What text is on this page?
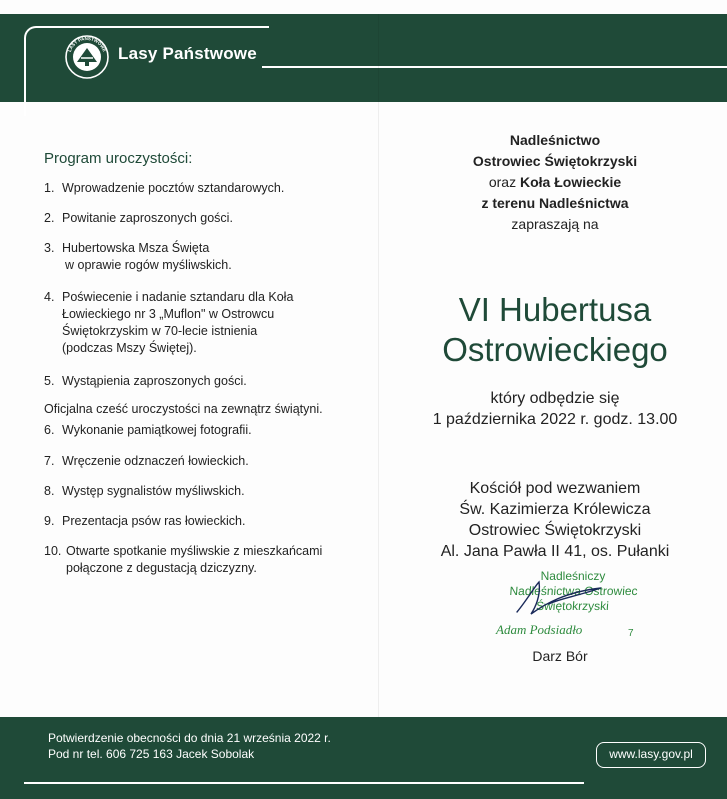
LASY PAŃSTWOWE Lasy Państwowe
Program uroczystości:
1. Wprowadzenie pocztów sztandarowych.
2. Powitanie zaproszonych gości.
3. Hubertowska Msza Święta
w oprawie rogów myśliwskich.
4. Poświecenie i nadanie sztandaru dla Koła
Łowieckiego nr 3 „Muflon" w Ostrowcu
Świętokrzyskim w 70-lecie istnienia
(podczas Mszy Świętej).
5. Wystąpienia zaproszonych gości.
Oficjalna cześć uroczystości na zewnątrz świątyni.
6. Wykonanie pamiątkowej fotografii.
7. Wręczenie odznaczeń łowieckich.
8. Występ sygnalistów myśliwskich.
9. Prezentacja psów ras łowieckich.
10. Otwarte spotkanie myśliwskie z mieszkańcami
połączone z degustacją dziczyzny.
Nadleśnictwo
Ostrowiec Świętokrzyski
oraz Koła Łowieckie
z terenu Nadleśnictwa
zapraszają na
VI Hubertusa
Ostrowieckiego
który odbędzie się
1 października 2022 r. godz. 13.00
Kościół pod wezwaniem
Św. Kazimierza Królewicza
Ostrowiec Świętokrzyski
Al. Jana Pawła II 41, os. Pułanki
Nadleśniczy
Nadleśnictwa Ostrowiec Świętokrzyski
Adam Podsiadło	7
Darz Bór
Potwierdzenie obecności do dnia 21 września 2022 r.
Pod nr tel. 606 725 163 Jacek Sobolak	www.lasy.gov.pl
